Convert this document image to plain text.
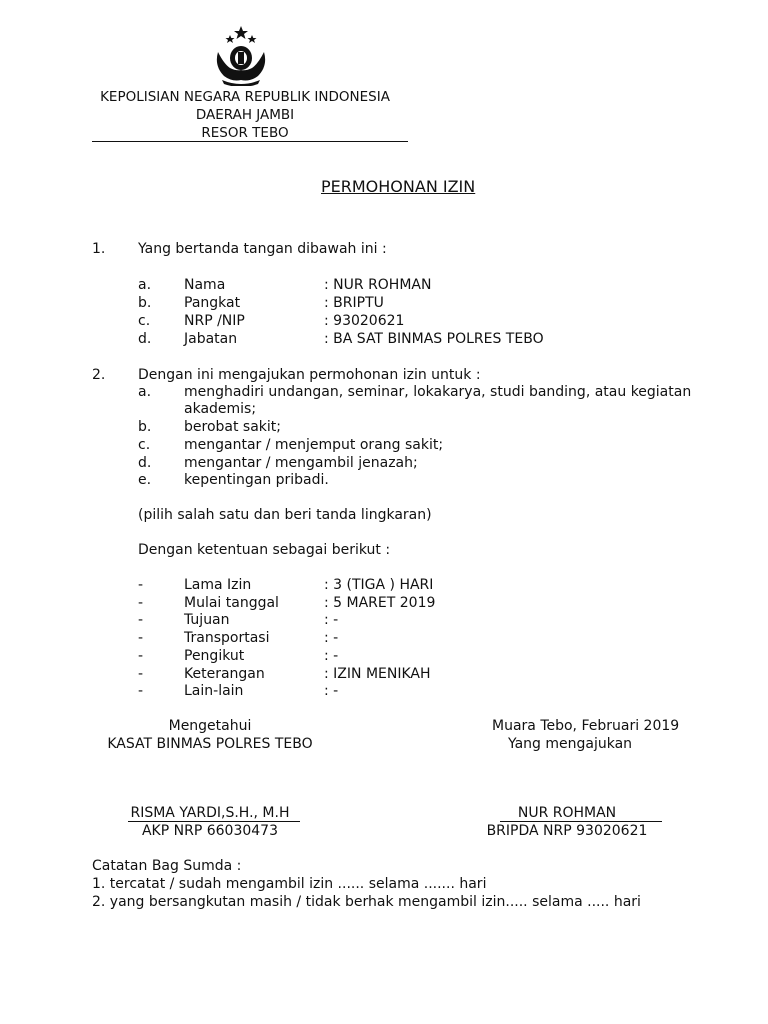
KEPOLISIAN NEGARA REPUBLIK INDONESIA
DAERAH JAMBI
RESOR TEBO
PERMOHONAN IZIN
1. Yang bertanda tangan dibawah ini :
a. Nama	: NUR ROHMAN
b. Pangkat	: BRIPTU
c. NRP /NIP	: 93020621
d. Jabatan	: BA SAT BINMAS POLRES TEBO
2. Dengan ini mengajukan permohonan izin untuk :
a. menghadiri undangan, seminar, lokakarya, studi banding, atau kegiatan
akademis;
b. berobat sakit;
c. mengantar / menjemput orang sakit;
d. mengantar / mengambil jenazah;
e. kepentingan pribadi.
(pilih salah satu dan beri tanda lingkaran)
Dengan ketentuan sebagai berikut :
-	Lama Izin	: 3 (TIGA ) HARI
-	Mulai tanggal	: 5 MARET 2019
-	Tujuan	: -
-	Transportasi	: -
-	Pengikut	: -
-	Keterangan	: IZIN MENIKAH
-	Lain-lain	: -
Mengetahui
KASAT BINMAS POLRES TEBO
RISMA YARDI,S.H., M.H
AKP NRP 66030473
Muara Tebo, Februari 2019
Yang mengajukan
NUR ROHMAN
BRIPDA NRP 93020621
Catatan Bag Sumda :
1. tercatat / sudah mengambil izin ...... selama ....... hari
2. yang bersangkutan masih / tidak berhak mengambil izin..... selama ..... hari
